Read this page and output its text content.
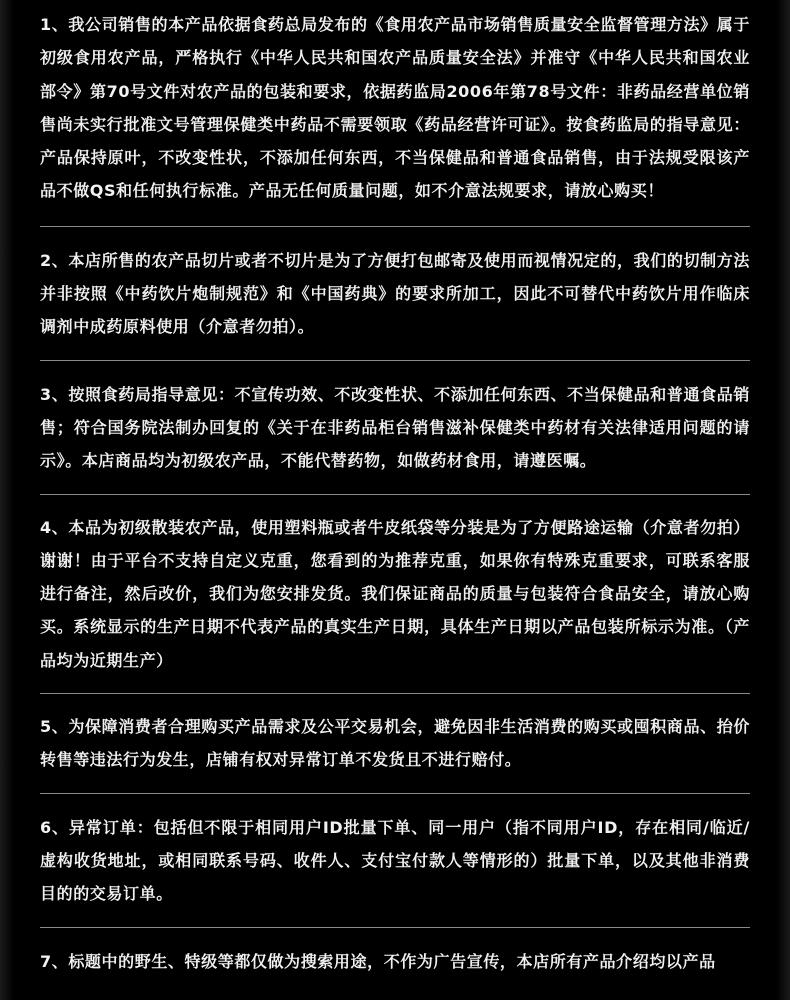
1、我公司销售的本产品依据食药总局发布的《食用农产品市场销售质量安全监督管理方法》属于初级食用农产品，严格执行《中华人民共和国农产品质量安全法》并准守《中华人民共和国农业部令》第70号文件对农产品的包装和要求，依据药监局2006年第78号文件：非药品经营单位销售尚未实行批准文号管理保健类中药品不需要领取《药品经营许可证》。按食药监局的指导意见：产品保持原叶，不改变性状，不添加任何东西，不当保健品和普通食品销售，由于法规受限该产品不做QS和任何执行标准。产品无任何质量问题，如不介意法规要求，请放心购买！

2、本店所售的农产品切片或者不切片是为了方便打包邮寄及使用而视情况定的，我们的切制方法并非按照《中药饮片炮制规范》和《中国药典》的要求所加工，因此不可替代中药饮片用作临床调剂中成药原料使用（介意者勿拍）。

3、按照食药局指导意见：不宣传功效、不改变性状、不添加任何东西、不当保健品和普通食品销售；符合国务院法制办回复的《关于在非药品柜台销售滋补保健类中药材有关法律适用问题的请示》。本店商品均为初级农产品，不能代替药物，如做药材食用，请遵医嘱。

4、本品为初级散装农产品，使用塑料瓶或者牛皮纸袋等分装是为了方便路途运输（介意者勿拍）谢谢！由于平台不支持自定义克重，您看到的为推荐克重，如果你有特殊克重要求，可联系客服进行备注，然后改价，我们为您安排发货。我们保证商品的质量与包装符合食品安全，请放心购买。系统显示的生产日期不代表产品的真实生产日期，具体生产日期以产品包装所标示为准。（产品均为近期生产）

5、为保障消费者合理购买产品需求及公平交易机会，避免因非生活消费的购买或囤积商品、抬价转售等违法行为发生，店铺有权对异常订单不发货且不进行赔付。

6、异常订单：包括但不限于相同用户ID批量下单、同一用户（指不同用户ID，存在相同/临近/虚构收货地址，或相同联系号码、收件人、支付宝付款人等情形的）批量下单，以及其他非消费目的的交易订单。

7、标题中的野生、特级等都仅做为搜索用途，不作为广告宣传，本店所有产品介绍均以产品
